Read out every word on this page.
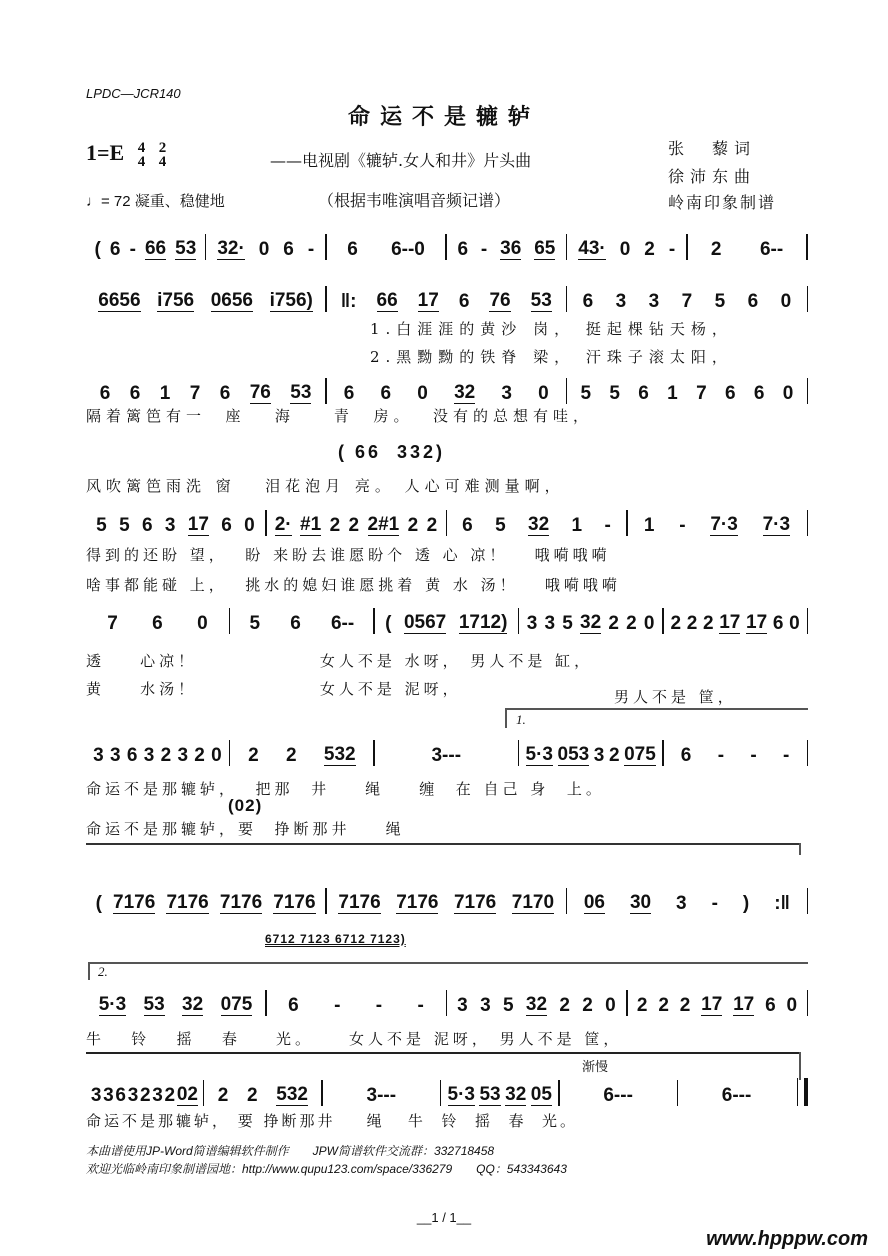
LPDC—JCR140
命运不是辘轳
1=E 4
4 2
4	——电视剧《辘轳.女人和井》片头曲
♩= 72 凝重、稳健地	（根据韦唯演唱音频记谱）
张　藜词
徐沛东曲
岭南印象制谱
( 6 - 66 53 32· 0 6 - 6 6--0 6 - 36 65 43· 0 2 - 2 6--
6656 i756 0656 i756) ‖: 66 17 6 76 53 6 3 3 7 5 6 0
6 6 1 7 6 76 53 6 6 0 32 3 0 5 5 6 1 7 6 6 0
5 5 6 3 17 6 0 2· #1 2 2 2#1 2 2 6 5 32 1 - 1 - 7·3 7·3
7 6 0 5 6 6-- ( 0567 1712) 3 3 5 32 2 2 0 2 2 2 17 17 6 0
3 3 6 3 2 3 2 0 2 2 532	3---	5·3 053 3 2 075 6 - - -
( 7176 7176 7176 7176 7176 7176 7176 7170 06 30 3 - ) :‖
5·3 53 32 075 6 - - - 3 3 5 32 2 2 0 2 2 2 17 17 6 0
3 3 6 3 2 3 2 02 2 2 532	3---	5·3 53 32 05	6---	6---
1.白涯涯的黄沙 岗， 挺起棵钻天杨，
2.黑黝黝的铁脊 梁， 汗珠子滚太阳，
隔着篱笆有一  座   海    青  房。  没有的总想有哇，
( 66  332)
风吹篱笆雨洗 窗   泪花泡月 亮。 人心可难测量啊，
得到的还盼 望，  盼 来盼去谁愿盼个 透 心 凉！   哦嗬哦嗬
啥事都能碰 上，  挑水的媳妇谁愿挑着 黄 水 汤！   哦嗬哦嗬
透    心凉！              女人不是 水呀， 男人不是 缸，
黄    水汤！              女人不是 泥呀，	男人不是 筐，
1.
命运不是那辘轳，  把那  井    绳    缠  在 自己 身  上。
(02)
命运不是那辘轳，要  挣断那井    绳
6712 7123 6712 7123)
2.
牛   铃   摇   春    光。    女人不是 泥呀， 男人不是 筐，
渐慢
命运不是那辘轳， 要 挣断那井    绳   牛  铃  摇  春  光。
本曲谱使用JP-Word简谱编辑软件制作　　JPW简谱软件交流群：332718458
欢迎光临岭南印象制谱园地：http://www.qupu123.com/space/336279　　QQ：543343643
__1 / 1__
www.hpppw.com
